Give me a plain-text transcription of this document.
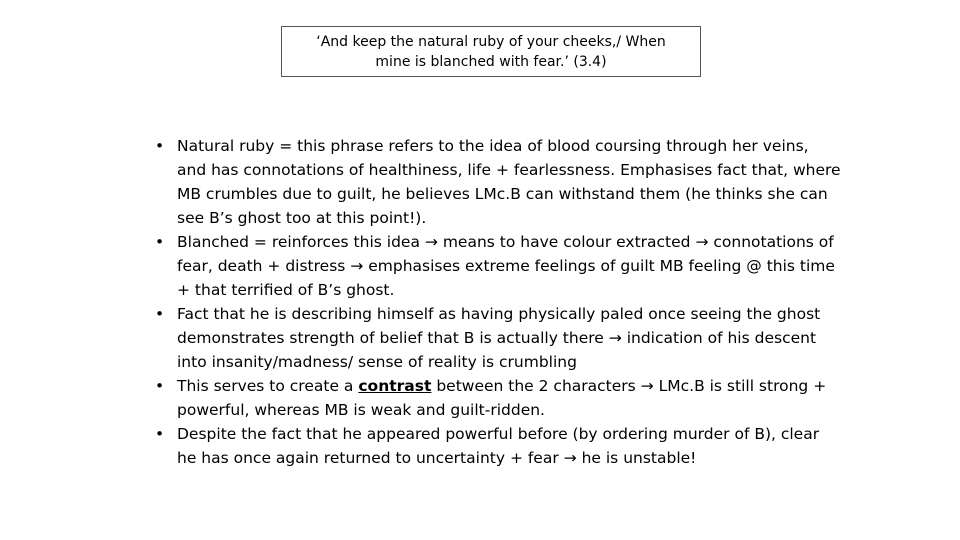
‘And keep the natural ruby of your cheeks,/ When
mine is blanched with fear.’ (3.4)
• Natural ruby = this phrase refers to the idea of blood coursing through her veins, and has connotations of healthiness, life + fearlessness. Emphasises fact that, where MB crumbles due to guilt, he believes LMc.B can withstand them (he thinks she can see B’s ghost too at this point!).
• Blanched = reinforces this idea → means to have colour extracted → connotations of fear, death + distress → emphasises extreme feelings of guilt MB feeling @ this time + that terrified of B’s ghost.
• Fact that he is describing himself as having physically paled once seeing the ghost demonstrates strength of belief that B is actually there → indication of his descent into insanity/madness/ sense of reality is crumbling
• This serves to create a contrast between the 2 characters → LMc.B is still strong + powerful, whereas MB is weak and guilt-ridden.
• Despite the fact that he appeared powerful before (by ordering murder of B), clear he has once again returned to uncertainty + fear → he is unstable!
